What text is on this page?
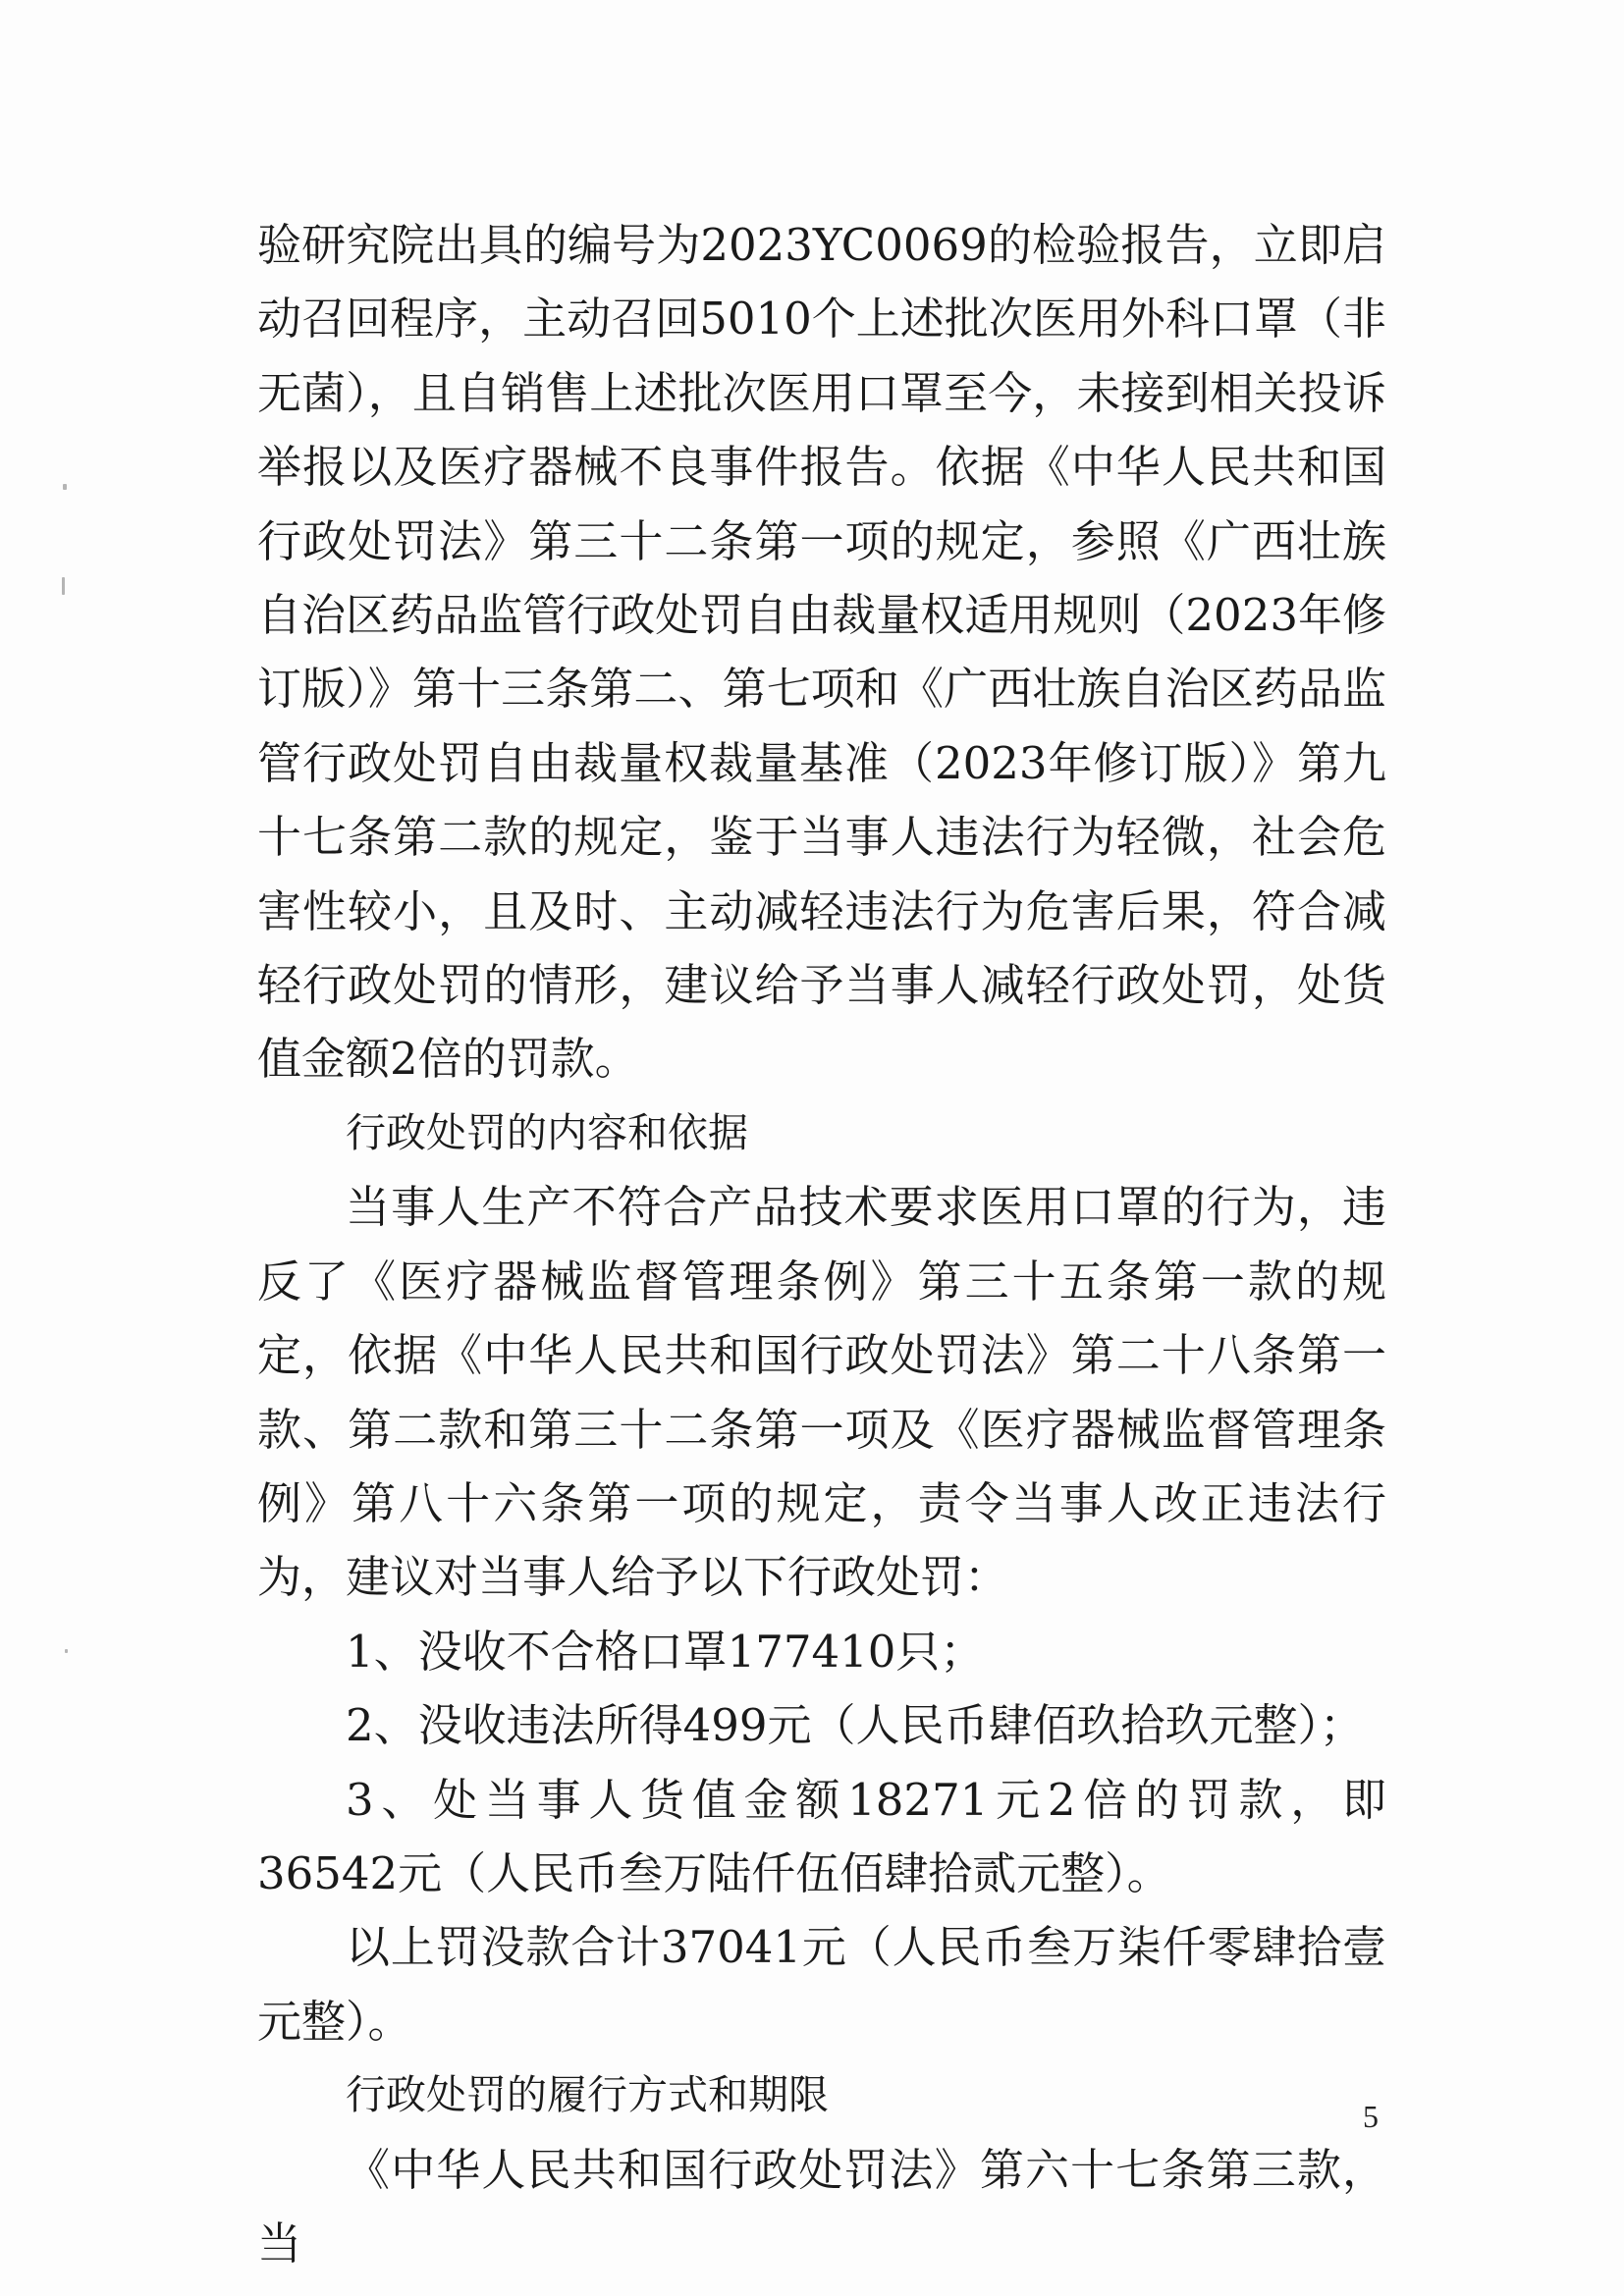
验研究院出具的编号为2023YC0069的检验报告，立即启动召回程序，主动召回5010个上述批次医用外科口罩（非无菌），且自销售上述批次医用口罩至今，未接到相关投诉举报以及医疗器械不良事件报告。依据《中华人民共和国行政处罚法》第三十二条第一项的规定，参照《广西壮族自治区药品监管行政处罚自由裁量权适用规则（2023年修订版）》第十三条第二、第七项和《广西壮族自治区药品监管行政处罚自由裁量权裁量基准（2023年修订版）》第九十七条第二款的规定，鉴于当事人违法行为轻微，社会危害性较小，且及时、主动减轻违法行为危害后果，符合减轻行政处罚的情形，建议给予当事人减轻行政处罚，处货值金额2倍的罚款。

行政处罚的内容和依据

当事人生产不符合产品技术要求医用口罩的行为，违反了《医疗器械监督管理条例》第三十五条第一款的规定，依据《中华人民共和国行政处罚法》第二十八条第一款、第二款和第三十二条第一项及《医疗器械监督管理条例》第八十六条第一项的规定，责令当事人改正违法行为，建议对当事人给予以下行政处罚：

1、没收不合格口罩177410只；

2、没收违法所得499元（人民币肆佰玖拾玖元整）；

3、处当事人货值金额18271元2倍的罚款，即36542元（人民币叁万陆仟伍佰肆拾贰元整）。

以上罚没款合计37041元（人民币叁万柒仟零肆拾壹元整）。

行政处罚的履行方式和期限

《中华人民共和国行政处罚法》第六十七条第三款，当

5
